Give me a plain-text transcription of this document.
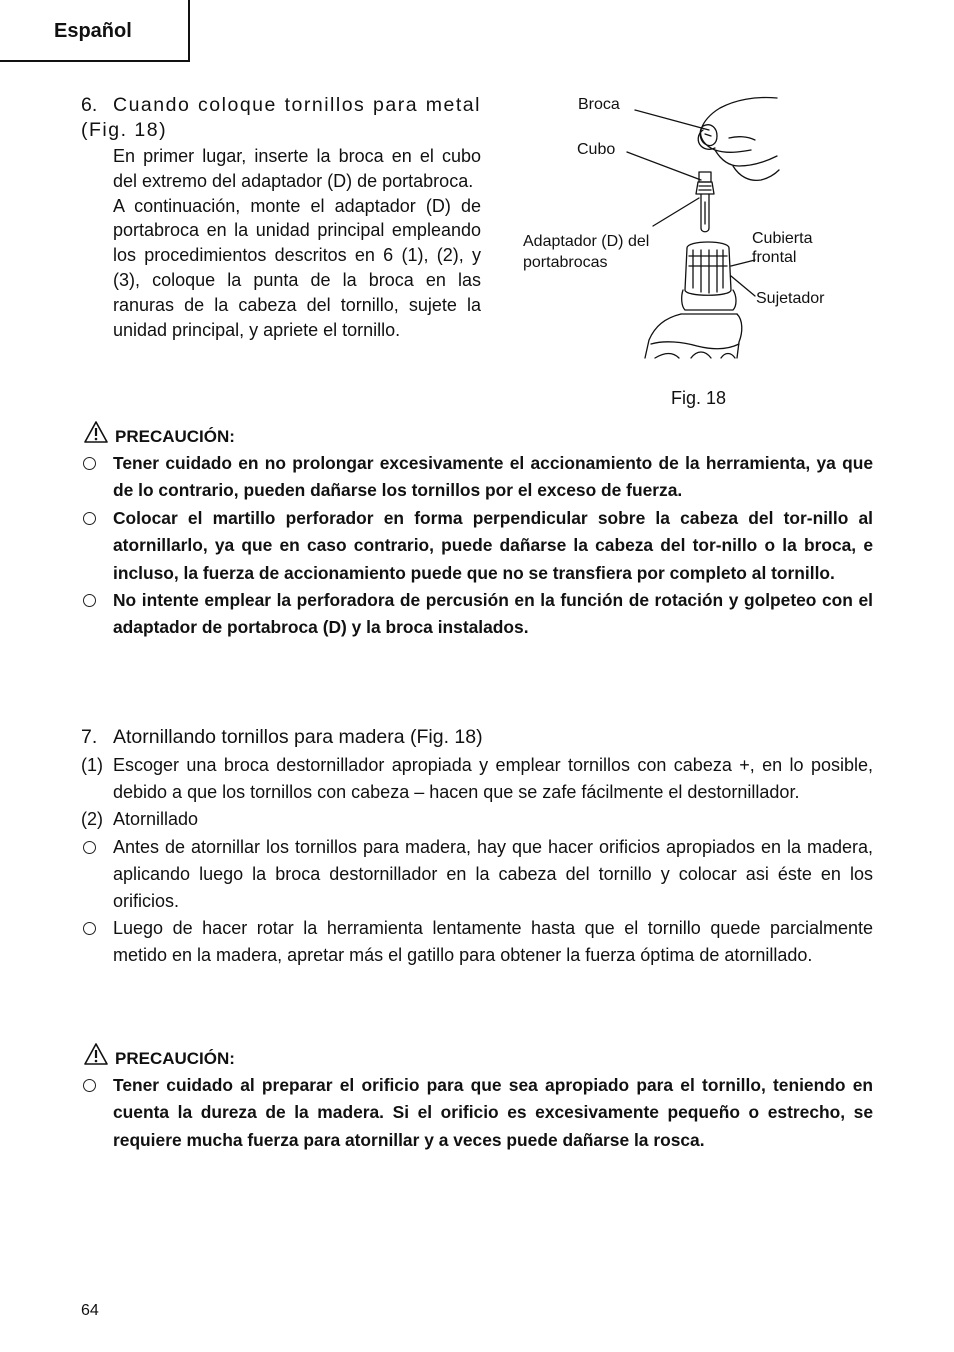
Español
6. Cuando coloque tornillos para metal (Fig. 18)

En primer lugar, inserte la broca en el cubo del extremo del adaptador (D) de portabroca.

A continuación, monte el adaptador (D) de portabroca en la unidad principal empleando los procedimientos descritos en 6 (1), (2), y (3), coloque la punta de la broca en las ranuras de la cabeza del tornillo, sujete la unidad principal, y apriete el tornillo.

Broca
Cubo
Adaptador (D) del
portabrocas
Cubierta
frontal
Sujetador
Fig. 18
PRECAUCIÓN:
Tener cuidado en no prolongar excesivamente el accionamiento de la herramienta, ya que de lo contrario, pueden dañarse los tornillos por el exceso de fuerza.
Colocar el martillo perforador en forma perpendicular sobre la cabeza del tor-nillo al atornillarlo, ya que en caso contrario, puede dañarse la cabeza del tor-nillo o la broca, e incluso, la fuerza de accionamiento puede que no se transfiera por completo al tornillo.
No intente emplear la perforadora de percusión en la función de rotación y golpeteo con el adaptador de portabroca (D) y la broca instalados.
7. Atornillando tornillos para madera (Fig. 18)
(1) Escoger una broca destornillador apropiada y emplear tornillos con cabeza +, en lo posible, debido a que los tornillos con cabeza – hacen que se zafe fácilmente el destornillador.
(2) Atornillado
Antes de atornillar los tornillos para madera, hay que hacer orificios apropiados en la madera, aplicando luego la broca destornillador en la cabeza del tornillo y colocar asi éste en los orificios.
Luego de hacer rotar la herramienta lentamente hasta que el tornillo quede parcialmente metido en la madera, apretar más el gatillo para obtener la fuerza óptima de atornillado.
PRECAUCIÓN:
Tener cuidado al preparar el orificio para que sea apropiado para el tornillo, teniendo en cuenta la dureza de la madera. Si el orificio es excesivamente pequeño o estrecho, se requiere mucha fuerza para atornillar y a veces puede dañarse la rosca.
64
